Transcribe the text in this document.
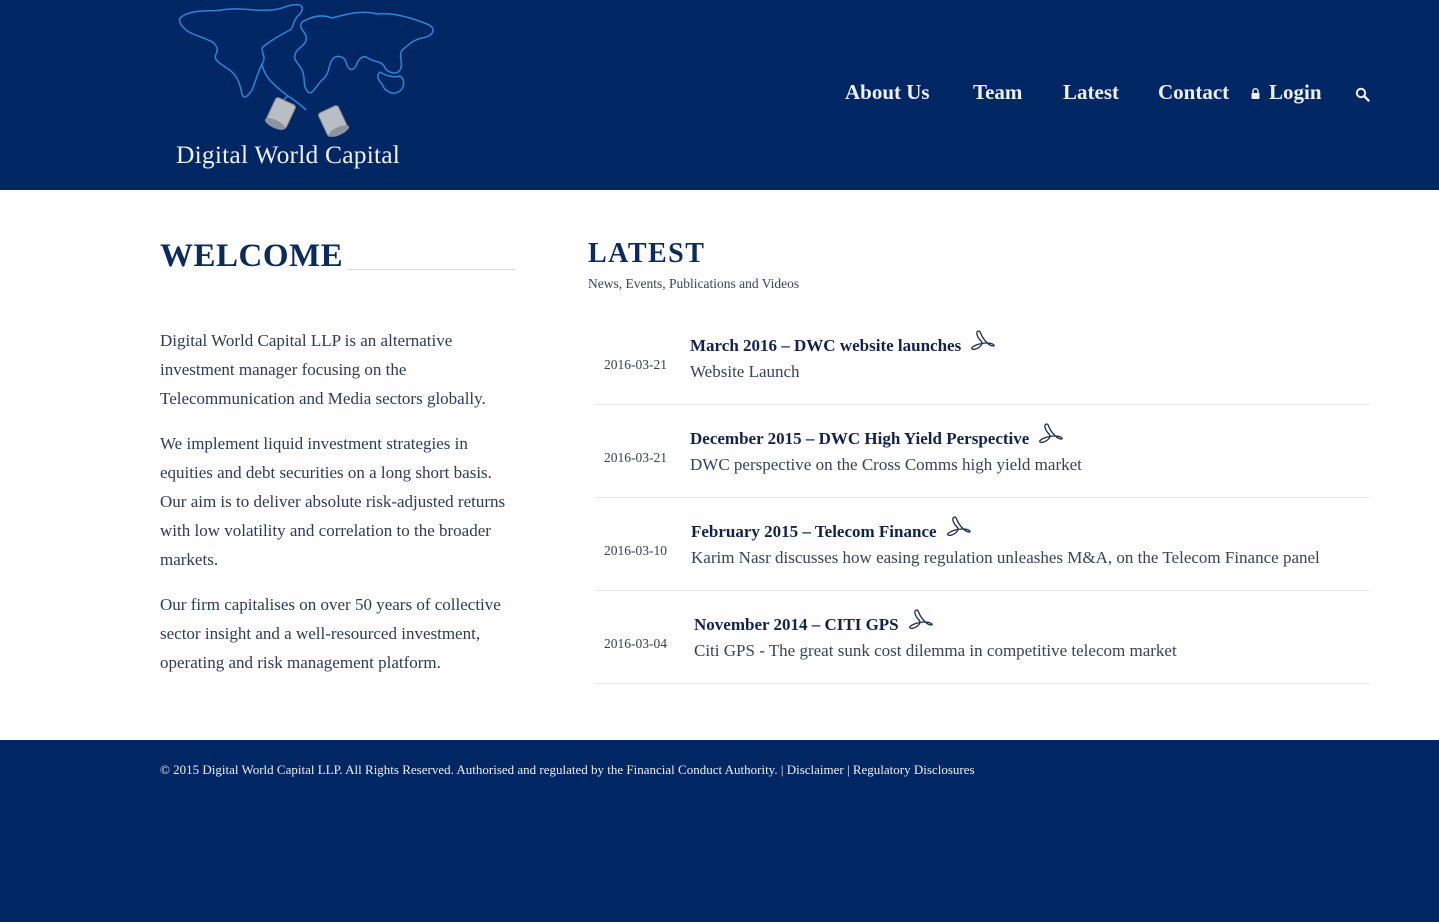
Digital World Capital
About Us Team Latest Contact Login
WELCOME

Digital World Capital LLP is an alternative investment manager focusing on the Telecommunication and Media sectors globally.

We implement liquid investment strategies in equities and debt securities on a long short basis. Our aim is to deliver absolute risk-adjusted returns with low volatility and correlation to the broader markets.

Our firm capitalises on over 50 years of collective sector insight and a well-resourced investment, operating and risk management platform.

LATEST
News, Events, Publications and Videos
2016-03-21
March 2016 – DWC website launches
Website Launch
2016-03-21
December 2015 – DWC High Yield Perspective
DWC perspective on the Cross Comms high yield market
2016-03-10
February 2015 – Telecom Finance
Karim Nasr discusses how easing regulation unleashes M&A, on the Telecom Finance panel
2016-03-04
November 2014 – CITI GPS
Citi GPS - The great sunk cost dilemma in competitive telecom market
© 2015 Digital World Capital LLP. All Rights Reserved. Authorised and regulated by the Financial Conduct Authority. | Disclaimer | Regulatory Disclosures
